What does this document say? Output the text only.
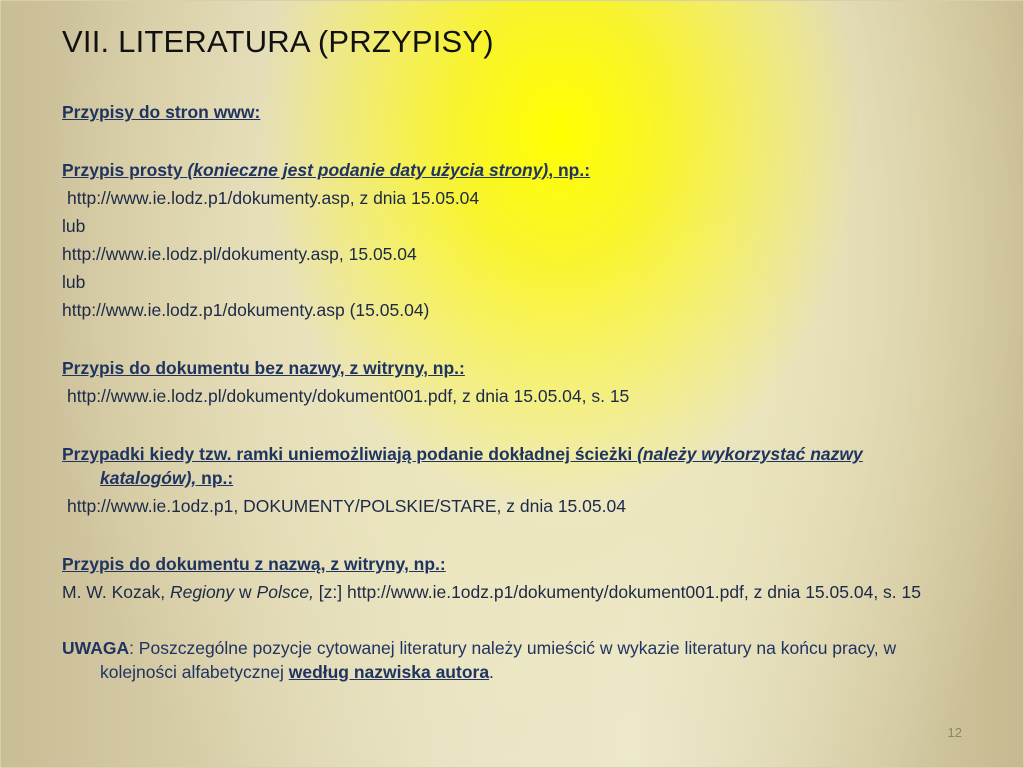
VII. LITERATURA (PRZYPISY)
Przypisy do stron www:
Przypis prosty (konieczne jest podanie daty użycia strony), np.:
http://www.ie.lodz.p1/dokumenty.asp, z dnia 15.05.04
lub
http://www.ie.lodz.pl/dokumenty.asp, 15.05.04
lub
http://www.ie.lodz.p1/dokumenty.asp (15.05.04)
Przypis do dokumentu bez nazwy, z witryny, np.:
http://www.ie.lodz.pl/dokumenty/dokument001.pdf, z dnia 15.05.04, s. 15
Przypadki kiedy tzw. ramki uniemożliwiają podanie dokładnej ścieżki (należy wykorzystać nazwy katalogów), np.:
http://www.ie.1odz.p1, DOKUMENTY/POLSKIE/STARE, z dnia 15.05.04
Przypis do dokumentu z nazwą, z witryny, np.:
M. W. Kozak, Regiony w Polsce, [z:] http://www.ie.1odz.p1/dokumenty/dokument001.pdf, z dnia 15.05.04, s. 15
UWAGA: Poszczególne pozycje cytowanej literatury należy umieścić w wykazie literatury na końcu pracy, w kolejności alfabetycznej według nazwiska autora.
12
